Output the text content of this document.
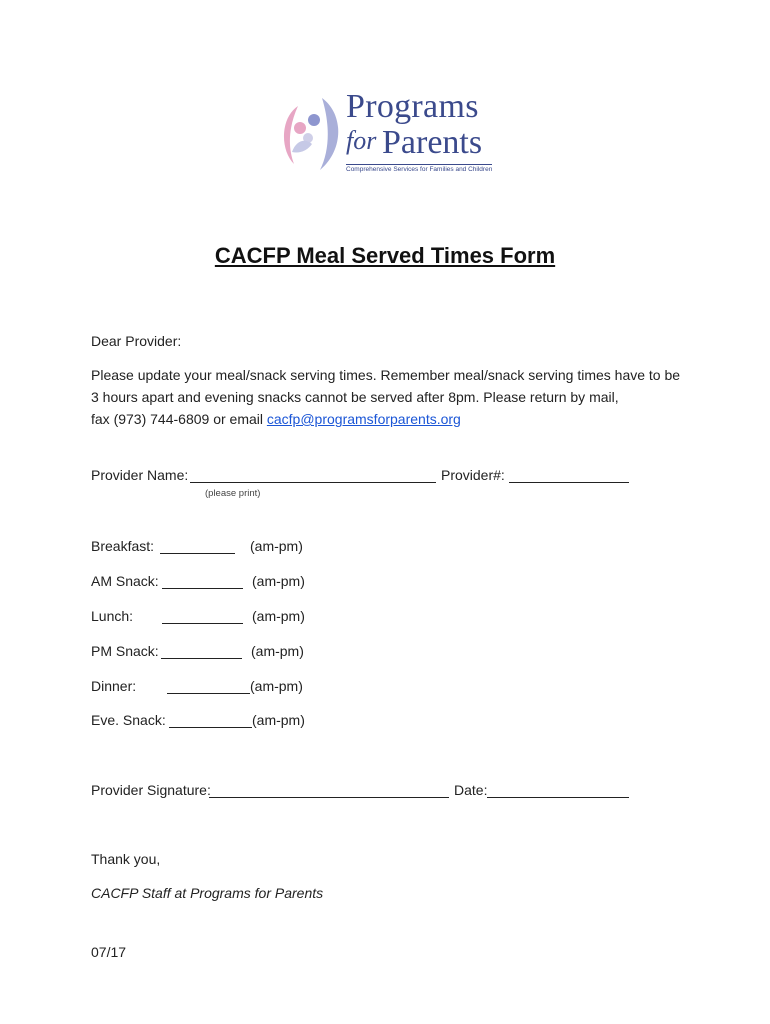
Programs
for Parents
Comprehensive Services for Families and Children
CACFP Meal Served Times Form
Dear Provider:
Please update your meal/snack serving times. Remember meal/snack serving times have to be
3 hours apart and evening snacks cannot be served after 8pm. Please return by mail,
fax (973) 744-6809 or email cacfp@programsforparents.org
Provider Name:	Provider#:
(please print)
Breakfast:	(am-pm)
AM Snack:	(am-pm)
Lunch:	(am-pm)
PM Snack:	(am-pm)
Dinner:	(am-pm)
Eve. Snack:	(am-pm)
Provider Signature:	Date:
Thank you,
CACFP Staff at Programs for Parents
07/17
